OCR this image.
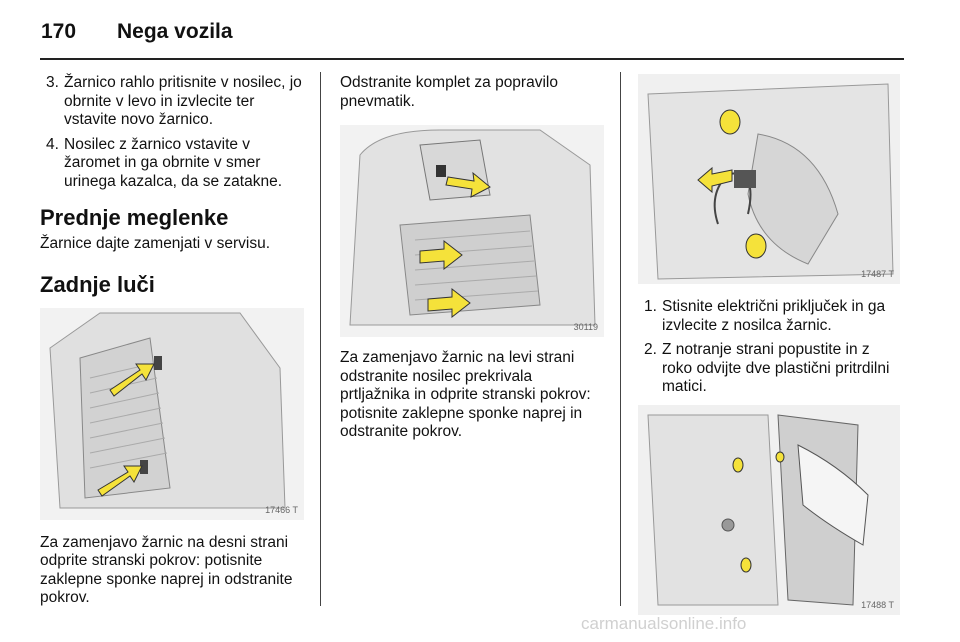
170	Nega vozila
3. Žarnico rahlo pritisnite v nosilec, jo obrnite v levo in izvlecite ter vstavite novo žarnico.
4. Nosilec z žarnico vstavite v žaromet in ga obrnite v smer urinega kazalca, da se zatakne.
Prednje meglenke
Žarnice dajte zamenjati v servisu.
Zadnje luči
17466 T
Za zamenjavo žarnic na desni strani odprite stranski pokrov: potisnite zaklepne sponke naprej in odstranite pokrov.
Odstranite komplet za popravilo pnevmatik.
30119
Za zamenjavo žarnic na levi strani odstranite nosilec prekrivala prtljažnika in odprite stranski pokrov: potisnite zaklepne sponke naprej in odstranite pokrov.
17487 T
1. Stisnite električni priključek in ga izvlecite z nosilca žarnic.
2. Z notranje strani popustite in z roko odvijte dve plastični pritrdilni matici.
17488 T
carmanualsonline.info
